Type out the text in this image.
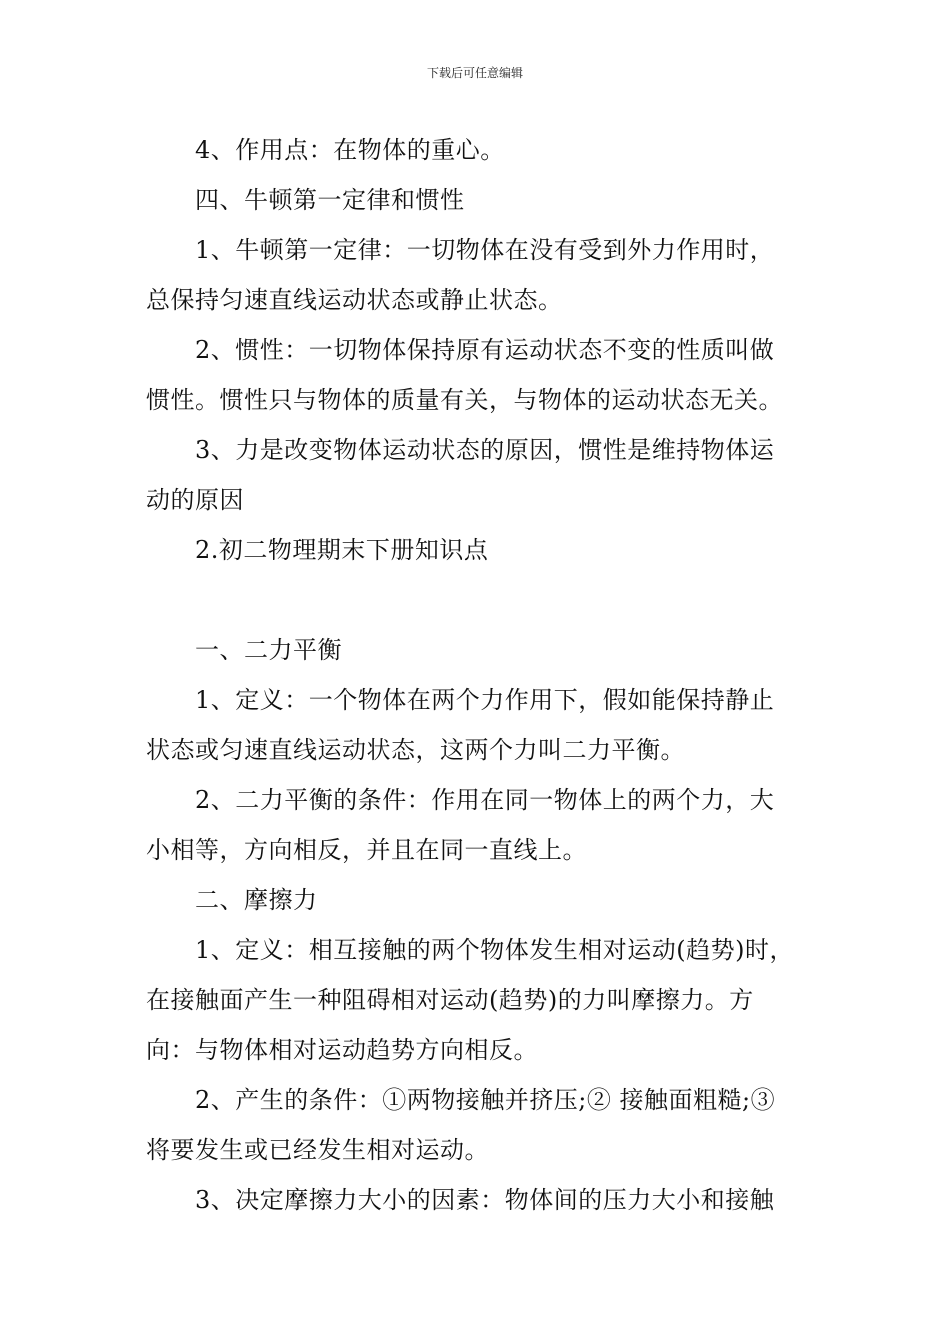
下载后可任意编辑
4、作用点：在物体的重心。
四、牛顿第一定律和惯性
1、牛顿第一定律：一切物体在没有受到外力作用时，
总保持匀速直线运动状态或静止状态。
2、惯性：一切物体保持原有运动状态不变的性质叫做
惯性。惯性只与物体的质量有关，与物体的运动状态无关。
3、力是改变物体运动状态的原因，惯性是维持物体运
动的原因
2.初二物理期末下册知识点
一、二力平衡
1、定义：一个物体在两个力作用下，假如能保持静止
状态或匀速直线运动状态，这两个力叫二力平衡。
2、二力平衡的条件：作用在同一物体上的两个力，大
小相等，方向相反，并且在同一直线上。
二、摩擦力
1、定义：相互接触的两个物体发生相对运动(趋势)时，
在接触面产生一种阻碍相对运动(趋势)的力叫摩擦力。方
向：与物体相对运动趋势方向相反。
2、产生的条件：①两物接触并挤压;② 接触面粗糙;③
将要发生或已经发生相对运动。
3、决定摩擦力大小的因素：物体间的压力大小和接触
